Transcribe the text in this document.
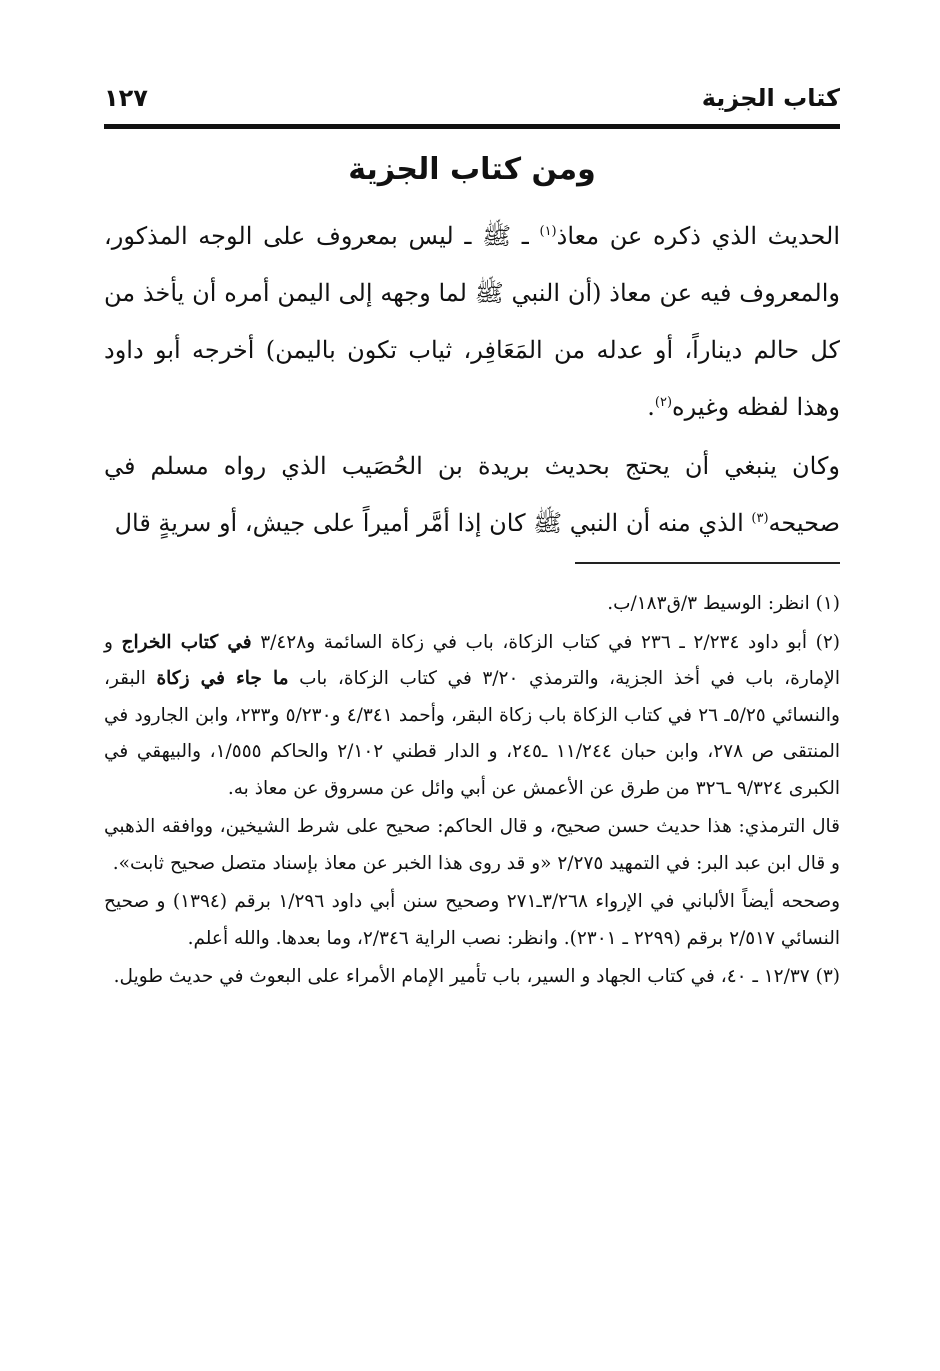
كتاب الجزية
١٢٧
ومن كتاب الجزية

الحديث الذي ذكره عن معاذ$^{(١)}$ ـ ﷺ ـ ليس بمعروف على الوجه المذكور، والمعروف فيه عن معاذ (أن النبي ﷺ لما وجهه إلى اليمن أمره أن يأخذ من كل حالم ديناراً، أو عدله من المَعَافِر، ثياب تكون باليمن) أخرجه أبو داود وهذا لفظه وغيره$^{(٢)}$.

وكان ينبغي أن يحتج بحديث بريدة بن الحُصَيب الذي رواه مسلم في صحيحه$^{(٣)}$ الذي منه أن النبي ﷺ كان إذا أمَّر أميراً على جيش، أو سريةٍ قال

(١) انظر: الوسيط ٣/ق١٨٣/ب.

(٢) أبو داود ٢/٢٣٤ ـ ٢٣٦ في كتاب الزكاة، باب في زكاة السائمة و٣/٤٢٨ في كتاب الخراج و الإمارة، باب في أخذ الجزية، والترمذي ٣/٢٠ في كتاب الزكاة، باب ما جاء في زكاة البقر، والنسائي ٥/٢٥ـ ٢٦ في كتاب الزكاة باب زكاة البقر، وأحمد ٤/٣٤١ و٥/٢٣٠ و٢٣٣، وابن الجارود في المنتقى ص ٢٧٨، وابن حبان ١١/٢٤٤ ـ٢٤٥، و الدار قطني ٢/١٠٢ والحاكم ١/٥٥٥، والبيهقي في الكبرى ٩/٣٢٤ ـ٣٢٦ من طرق عن الأعمش عن أبي وائل عن مسروق عن معاذ به.

قال الترمذي: هذا حديث حسن صحيح، و قال الحاكم: صحيح على شرط الشيخين، ووافقه الذهبي و قال ابن عبد البر: في التمهيد ٢/٢٧٥ «و قد روى هذا الخبر عن معاذ بإسناد متصل صحيح ثابت».

وصححه أيضاً الألباني في الإرواء ٣/٢٦٨ـ٢٧١ وصحيح سنن أبي داود ١/٢٩٦ برقم (١٣٩٤) و صحيح النسائي ٢/٥١٧ برقم (٢٢٩٩ ـ ٢٣٠١). وانظر: نصب الراية ٢/٣٤٦، وما بعدها. والله أعلم.

(٣) ١٢/٣٧ ـ ٤٠، في كتاب الجهاد و السير، باب تأمير الإمام الأمراء على البعوث في حديث طويل.
